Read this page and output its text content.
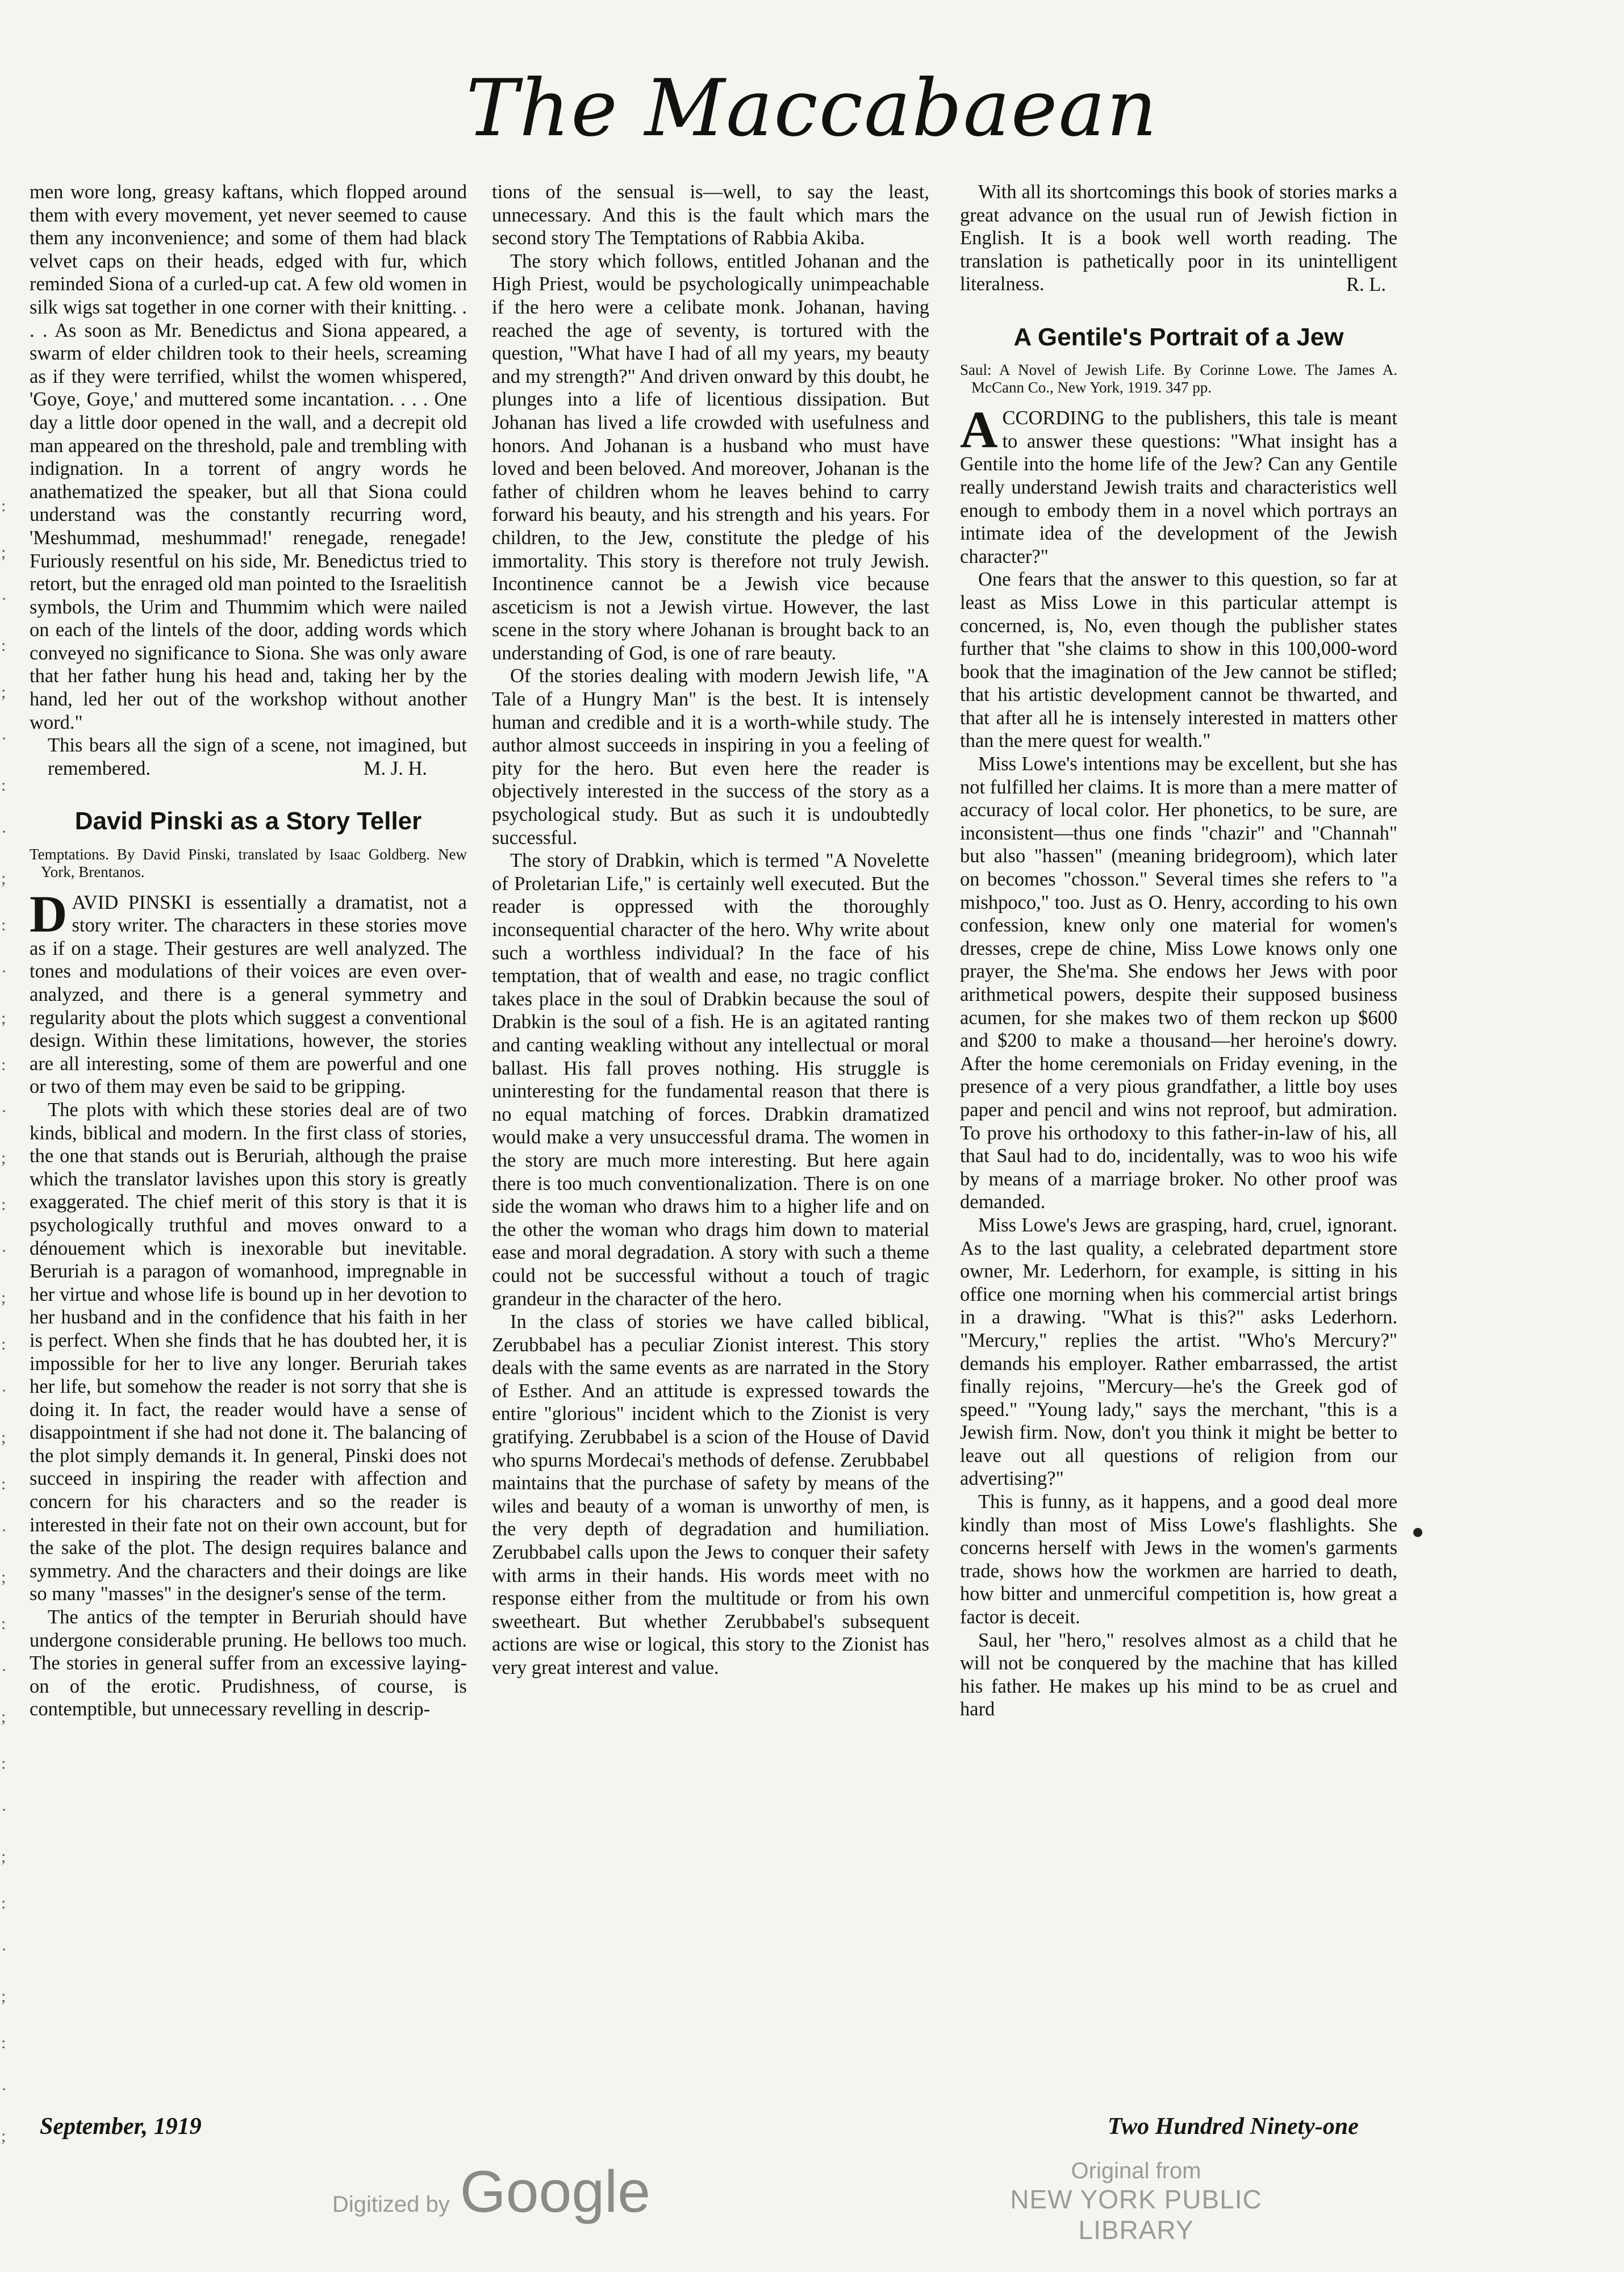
The Maccabaean
:
;
·
:
;
·
:
·
;
:
·
;
:
·
;
:
·
;
:
·
;
:
·
;
:
·
;
:
·
;
:
·
;
:
·
;

men wore long, greasy kaftans, which flopped around them with every movement, yet never seemed to cause them any inconvenience; and some of them had black velvet caps on their heads, edged with fur, which reminded Siona of a curled-up cat. A few old women in silk wigs sat together in one corner with their knitting. . . . As soon as Mr. Benedictus and Siona appeared, a swarm of elder children took to their heels, screaming as if they were terrified, whilst the women whispered, 'Goye, Goye,' and muttered some incantation. . . . One day a little door opened in the wall, and a decrepit old man appeared on the threshold, pale and trembling with indignation. In a torrent of angry words he anathematized the speaker, but all that Siona could understand was the constantly recurring word, 'Meshummad, meshummad!' renegade, renegade! Furiously resentful on his side, Mr. Benedictus tried to retort, but the enraged old man pointed to the Israelitish symbols, the Urim and Thummim which were nailed on each of the lintels of the door, adding words which conveyed no significance to Siona. She was only aware that her father hung his head and, taking her by the hand, led her out of the workshop without another word."

This bears all the sign of a scene, not imagined, but remembered.	M. J. H.
David Pinski as a Story Teller

Temptations. By David Pinski, translated by Isaac Goldberg. New York, Brentanos.

DAVID PINSKI is essentially a dramatist, not a story writer. The characters in these stories move as if on a stage. Their gestures are well analyzed. The tones and modulations of their voices are even over-analyzed, and there is a general symmetry and regularity about the plots which suggest a conventional design. Within these limitations, however, the stories are all interesting, some of them are powerful and one or two of them may even be said to be gripping.

The plots with which these stories deal are of two kinds, biblical and modern. In the first class of stories, the one that stands out is Beruriah, although the praise which the translator lavishes upon this story is greatly exaggerated. The chief merit of this story is that it is psychologically truthful and moves onward to a dénouement which is inexorable but inevitable. Beruriah is a paragon of womanhood, impregnable in her virtue and whose life is bound up in her devotion to her husband and in the confidence that his faith in her is perfect. When she finds that he has doubted her, it is impossible for her to live any longer. Beruriah takes her life, but somehow the reader is not sorry that she is doing it. In fact, the reader would have a sense of disappointment if she had not done it. The balancing of the plot simply demands it. In general, Pinski does not succeed in inspiring the reader with affection and concern for his characters and so the reader is interested in their fate not on their own account, but for the sake of the plot. The design requires balance and symmetry. And the characters and their doings are like so many "masses" in the designer's sense of the term.

The antics of the tempter in Beruriah should have undergone considerable pruning. He bellows too much. The stories in general suffer from an excessive laying-on of the erotic. Prudishness, of course, is contemptible, but unnecessary revelling in descrip-

tions of the sensual is—well, to say the least, unnecessary. And this is the fault which mars the second story The Temptations of Rabbia Akiba.

The story which follows, entitled Johanan and the High Priest, would be psychologically unimpeachable if the hero were a celibate monk. Johanan, having reached the age of seventy, is tortured with the question, "What have I had of all my years, my beauty and my strength?" And driven onward by this doubt, he plunges into a life of licentious dissipation. But Johanan has lived a life crowded with usefulness and honors. And Johanan is a husband who must have loved and been beloved. And moreover, Johanan is the father of children whom he leaves behind to carry forward his beauty, and his strength and his years. For children, to the Jew, constitute the pledge of his immortality. This story is therefore not truly Jewish. Incontinence cannot be a Jewish vice because asceticism is not a Jewish virtue. However, the last scene in the story where Johanan is brought back to an understanding of God, is one of rare beauty.

Of the stories dealing with modern Jewish life, "A Tale of a Hungry Man" is the best. It is intensely human and credible and it is a worth-while study. The author almost succeeds in inspiring in you a feeling of pity for the hero. But even here the reader is objectively interested in the success of the story as a psychological study. But as such it is undoubtedly successful.

The story of Drabkin, which is termed "A Novelette of Proletarian Life," is certainly well executed. But the reader is oppressed with the thoroughly inconsequential character of the hero. Why write about such a worthless individual? In the face of his temptation, that of wealth and ease, no tragic conflict takes place in the soul of Drabkin because the soul of Drabkin is the soul of a fish. He is an agitated ranting and canting weakling without any intellectual or moral ballast. His fall proves nothing. His struggle is uninteresting for the fundamental reason that there is no equal matching of forces. Drabkin dramatized would make a very unsuccessful drama. The women in the story are much more interesting. But here again there is too much conventionalization. There is on one side the woman who draws him to a higher life and on the other the woman who drags him down to material ease and moral degradation. A story with such a theme could not be successful without a touch of tragic grandeur in the character of the hero.

In the class of stories we have called biblical, Zerubbabel has a peculiar Zionist interest. This story deals with the same events as are narrated in the Story of Esther. And an attitude is expressed towards the entire "glorious" incident which to the Zionist is very gratifying. Zerubbabel is a scion of the House of David who spurns Mordecai's methods of defense. Zerubbabel maintains that the purchase of safety by means of the wiles and beauty of a woman is unworthy of men, is the very depth of degradation and humiliation. Zerubbabel calls upon the Jews to conquer their safety with arms in their hands. His words meet with no response either from the multitude or from his own sweetheart. But whether Zerubbabel's subsequent actions are wise or logical, this story to the Zionist has very great interest and value.

With all its shortcomings this book of stories marks a great advance on the usual run of Jewish fiction in English. It is a book well worth reading. The translation is pathetically poor in its unintelligent literalness.	R. L.
A Gentile's Portrait of a Jew

Saul: A Novel of Jewish Life. By Corinne Lowe. The James A. McCann Co., New York, 1919. 347 pp.

ACCORDING to the publishers, this tale is meant to answer these questions: "What insight has a Gentile into the home life of the Jew? Can any Gentile really understand Jewish traits and characteristics well enough to embody them in a novel which portrays an intimate idea of the development of the Jewish character?"

One fears that the answer to this question, so far at least as Miss Lowe in this particular attempt is concerned, is, No, even though the publisher states further that "she claims to show in this 100,000-word book that the imagination of the Jew cannot be stifled; that his artistic development cannot be thwarted, and that after all he is intensely interested in matters other than the mere quest for wealth."

Miss Lowe's intentions may be excellent, but she has not fulfilled her claims. It is more than a mere matter of accuracy of local color. Her phonetics, to be sure, are inconsistent—thus one finds "chazir" and "Channah" but also "hassen" (meaning bridegroom), which later on becomes "chosson." Several times she refers to "a mishpoco," too. Just as O. Henry, according to his own confession, knew only one material for women's dresses, crepe de chine, Miss Lowe knows only one prayer, the She'ma. She endows her Jews with poor arithmetical powers, despite their supposed business acumen, for she makes two of them reckon up $600 and $200 to make a thousand—her heroine's dowry. After the home ceremonials on Friday evening, in the presence of a very pious grandfather, a little boy uses paper and pencil and wins not reproof, but admiration. To prove his orthodoxy to this father-in-law of his, all that Saul had to do, incidentally, was to woo his wife by means of a marriage broker. No other proof was demanded.

Miss Lowe's Jews are grasping, hard, cruel, ignorant. As to the last quality, a celebrated department store owner, Mr. Lederhorn, for example, is sitting in his office one morning when his commercial artist brings in a drawing. "What is this?" asks Lederhorn. "Mercury," replies the artist. "Who's Mercury?" demands his employer. Rather embarrassed, the artist finally rejoins, "Mercury—he's the Greek god of speed." "Young lady," says the merchant, "this is a Jewish firm. Now, don't you think it might be better to leave out all questions of religion from our advertising?"

This is funny, as it happens, and a good deal more kindly than most of Miss Lowe's flashlights. She concerns herself with Jews in the women's garments trade, shows how the workmen are harried to death, how bitter and unmerciful competition is, how great a factor is deceit.

Saul, her "hero," resolves almost as a child that he will not be conquered by the machine that has killed his father. He makes up his mind to be as cruel and hard

September, 1919	Two Hundred Ninety-one
Digitized by Google	Original from
NEW YORK PUBLIC LIBRARY
